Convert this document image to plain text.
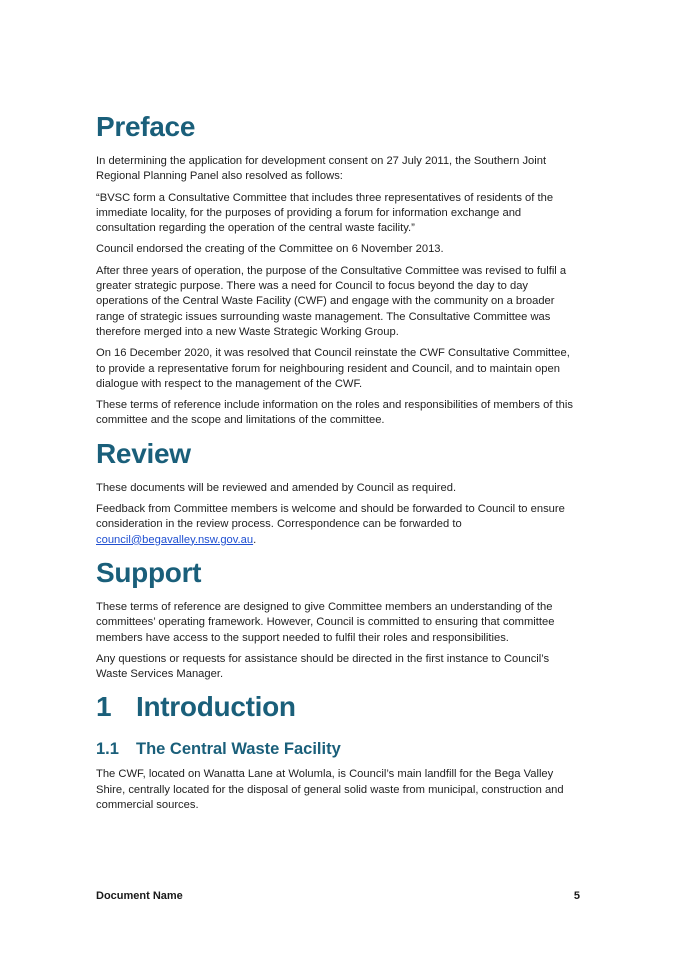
Preface

In determining the application for development consent on 27 July 2011, the Southern Joint Regional Planning Panel also resolved as follows:

“BVSC form a Consultative Committee that includes three representatives of residents of the immediate locality, for the purposes of providing a forum for information exchange and consultation regarding the operation of the central waste facility.”

Council endorsed the creating of the Committee on 6 November 2013.

After three years of operation, the purpose of the Consultative Committee was revised to fulfil a greater strategic purpose. There was a need for Council to focus beyond the day to day operations of the Central Waste Facility (CWF) and engage with the community on a broader range of strategic issues surrounding waste management. The Consultative Committee was therefore merged into a new Waste Strategic Working Group.

On 16 December 2020, it was resolved that Council reinstate the CWF Consultative Committee, to provide a representative forum for neighbouring resident and Council, and to maintain open dialogue with respect to the management of the CWF.

These terms of reference include information on the roles and responsibilities of members of this committee and the scope and limitations of the committee.

Review

These documents will be reviewed and amended by Council as required.

Feedback from Committee members is welcome and should be forwarded to Council to ensure consideration in the review process. Correspondence can be forwarded to council@begavalley.nsw.gov.au.

Support

These terms of reference are designed to give Committee members an understanding of the committees’ operating framework. However, Council is committed to ensuring that committee members have access to the support needed to fulfil their roles and responsibilities.

Any questions or requests for assistance should be directed in the first instance to Council’s Waste Services Manager.

1 Introduction
1.1 The Central Waste Facility

The CWF, located on Wanatta Lane at Wolumla, is Council’s main landfill for the Bega Valley Shire, centrally located for the disposal of general solid waste from municipal, construction and commercial sources.

Document Name	5
